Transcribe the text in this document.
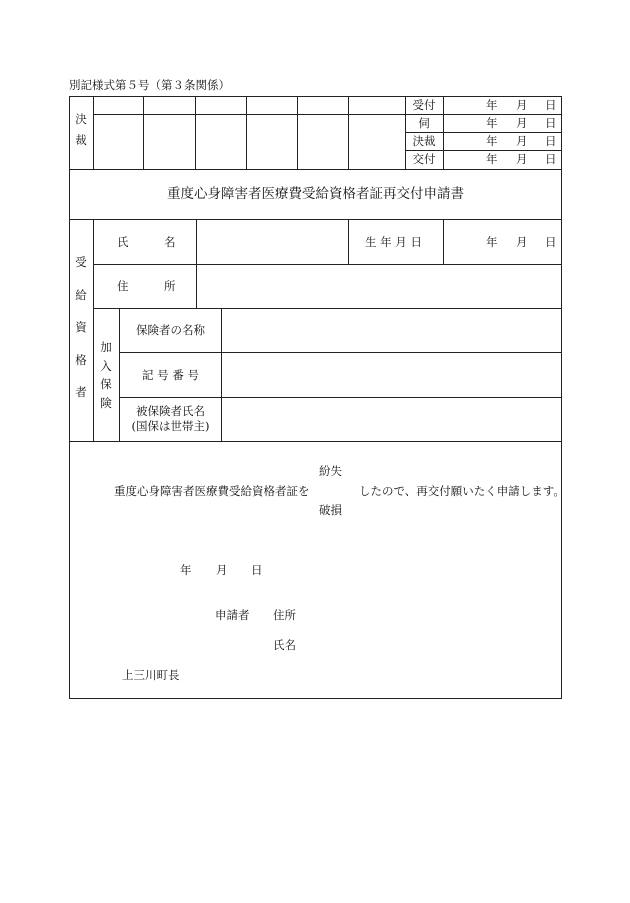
別記様式第５号（第３条関係）
決
裁
受付	年 月 日
伺	年 月 日
決裁	年 月 日
交付	年 月 日
重度心身障害者医療費受給資格者証再交付申請書
受
給
資
格
者
氏	名	生 年 月 日	年 月 日
住	所
加
入
保
険
保険者の名称
記 号 番 号
被保険者氏名
(国保は世帯主)
紛失
重度心身障害者医療費受給資格者証を	したので、再交付願いたく申請します。
破損
年 月 日
申請者 住所
氏名
上三川町長
